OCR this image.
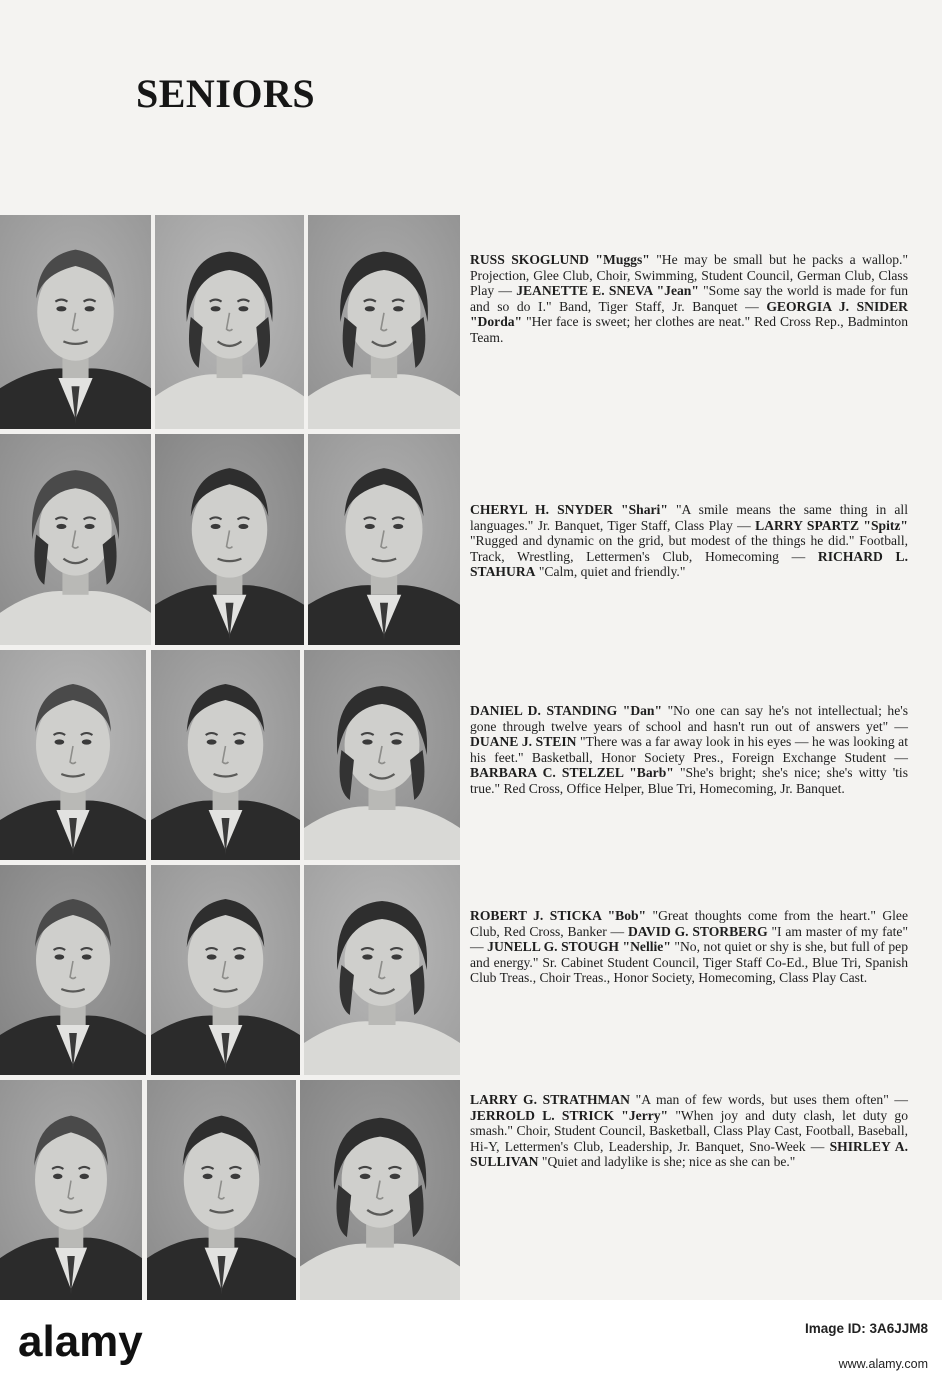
SENIORS

RUSS SKOGLUND "Muggs" "He may be small but he packs a wallop." Projection, Glee Club, Choir, Swimming, Student Council, German Club, Class Play — JEANETTE E. SNEVA "Jean" "Some say the world is made for fun and so do I." Band, Tiger Staff, Jr. Banquet — GEORGIA J. SNIDER "Dorda" "Her face is sweet; her clothes are neat." Red Cross Rep., Badminton Team.

CHERYL H. SNYDER "Shari" "A smile means the same thing in all languages." Jr. Banquet, Tiger Staff, Class Play — LARRY SPARTZ "Spitz" "Rugged and dynamic on the grid, but modest of the things he did." Football, Track, Wrestling, Lettermen's Club, Homecoming — RICHARD L. STAHURA "Calm, quiet and friendly."

DANIEL D. STANDING "Dan" "No one can say he's not intellectual; he's gone through twelve years of school and hasn't run out of answers yet" — DUANE J. STEIN "There was a far away look in his eyes — he was looking at his feet." Basketball, Honor Society Pres., Foreign Exchange Student — BARBARA C. STELZEL "Barb" "She's bright; she's nice; she's witty 'tis true." Red Cross, Office Helper, Blue Tri, Homecoming, Jr. Banquet.

ROBERT J. STICKA "Bob" "Great thoughts come from the heart." Glee Club, Red Cross, Banker — DAVID G. STORBERG "I am master of my fate" — JUNELL G. STOUGH "Nellie" "No, not quiet or shy is she, but full of pep and energy." Sr. Cabinet Student Council, Tiger Staff Co-Ed., Blue Tri, Spanish Club Treas., Choir Treas., Honor Society, Homecoming, Class Play Cast.

LARRY G. STRATHMAN "A man of few words, but uses them often" — JERROLD L. STRICK "Jerry" "When joy and duty clash, let duty go smash." Choir, Student Council, Basketball, Class Play Cast, Football, Baseball, Hi-Y, Lettermen's Club, Leadership, Jr. Banquet, Sno-Week — SHIRLEY A. SULLIVAN "Quiet and ladylike is she; nice as she can be."

alamy	Image ID: 3A6JJM8
www.alamy.com
